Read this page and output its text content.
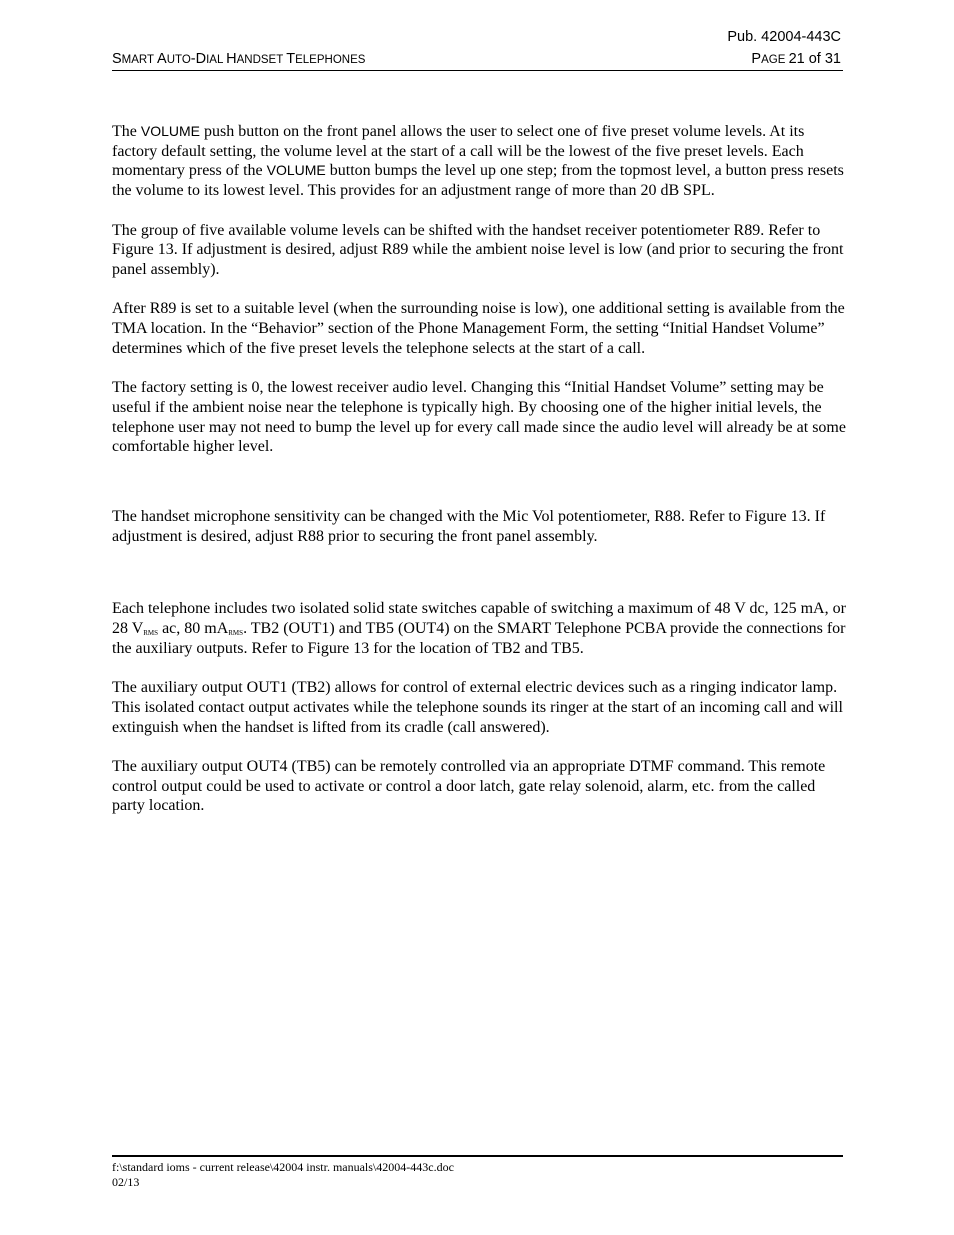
Pub. 42004-443C
SMART AUTO-DIAL HANDSET TELEPHONES	PAGE 21 of 31

The VOLUME push button on the front panel allows the user to select one of five preset volume levels. At its factory default setting, the volume level at the start of a call will be the lowest of the five preset levels. Each momentary press of the VOLUME button bumps the level up one step; from the topmost level, a button press resets the volume to its lowest level. This provides for an adjustment range of more than 20 dB SPL.

The group of five available volume levels can be shifted with the handset receiver potentiometer R89. Refer to Figure 13. If adjustment is desired, adjust R89 while the ambient noise level is low (and prior to securing the front panel assembly).

After R89 is set to a suitable level (when the surrounding noise is low), one additional setting is available from the TMA location. In the “Behavior” section of the Phone Management Form, the setting “Initial Handset Volume” determines which of the five preset levels the telephone selects at the start of a call.

The factory setting is 0, the lowest receiver audio level. Changing this “Initial Handset Volume” setting may be useful if the ambient noise near the telephone is typically high. By choosing one of the higher initial levels, the telephone user may not need to bump the level up for every call made since the audio level will already be at some comfortable higher level.

The handset microphone sensitivity can be changed with the Mic Vol potentiometer, R88. Refer to Figure 13. If adjustment is desired, adjust R88 prior to securing the front panel assembly.

Each telephone includes two isolated solid state switches capable of switching a maximum of 48 V dc, 125 mA, or 28 $V_{RMS}$ ac, 80 $mA_{RMS}$. TB2 (OUT1) and TB5 (OUT4) on the SMART Telephone PCBA provide the connections for the auxiliary outputs. Refer to Figure 13 for the location of TB2 and TB5.

The auxiliary output OUT1 (TB2) allows for control of external electric devices such as a ringing indicator lamp. This isolated contact output activates while the telephone sounds its ringer at the start of an incoming call and will extinguish when the handset is lifted from its cradle (call answered).

The auxiliary output OUT4 (TB5) can be remotely controlled via an appropriate DTMF command. This remote control output could be used to activate or control a door latch, gate relay solenoid, alarm, etc. from the called party location.

f:\standard ioms - current release\42004 instr. manuals\42004-443c.doc
02/13
